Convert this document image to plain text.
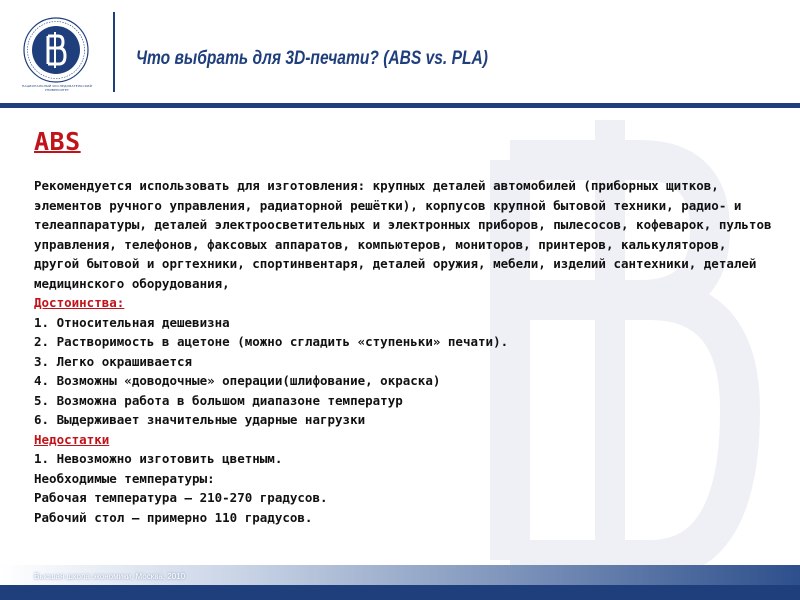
НАЦИОНАЛЬНЫЙ ИССЛЕДОВАТЕЛЬСКИЙ УНИВЕРСИТЕТ
Что выбрать для 3D-печати? (ABS vs. PLA)
ABS

Рекомендуется использовать для изготовления: крупных деталей автомобилей (приборных щитков, элементов ручного управления, радиаторной решётки), корпусов крупной бытовой техники, радио- и телеаппаратуры, деталей электроосветительных и электронных приборов, пылесосов, кофеварок, пультов управления, телефонов, факсовых аппаратов, компьютеров, мониторов, принтеров, калькуляторов, другой бытовой и оргтехники, спортинвентаря, деталей оружия, мебели, изделий сантехники, деталей медицинского оборудования,

Достоинства:
1. Относительная дешевизна
2. Растворимость в ацетоне (можно сгладить «ступеньки» печати).
3. Легко окрашивается
4. Возможны «доводочные» операции(шлифование, окраска)
5. Возможна работа в большом диапазоне температур
6. Выдерживает значительные ударные нагрузки
Недостатки
1. Невозможно изготовить цветным.
Необходимые температуры:
Рабочая температура — 210-270 градусов.
Рабочий стол — примерно 110 градусов.
Высшая школа экономики, Москва, 2010
